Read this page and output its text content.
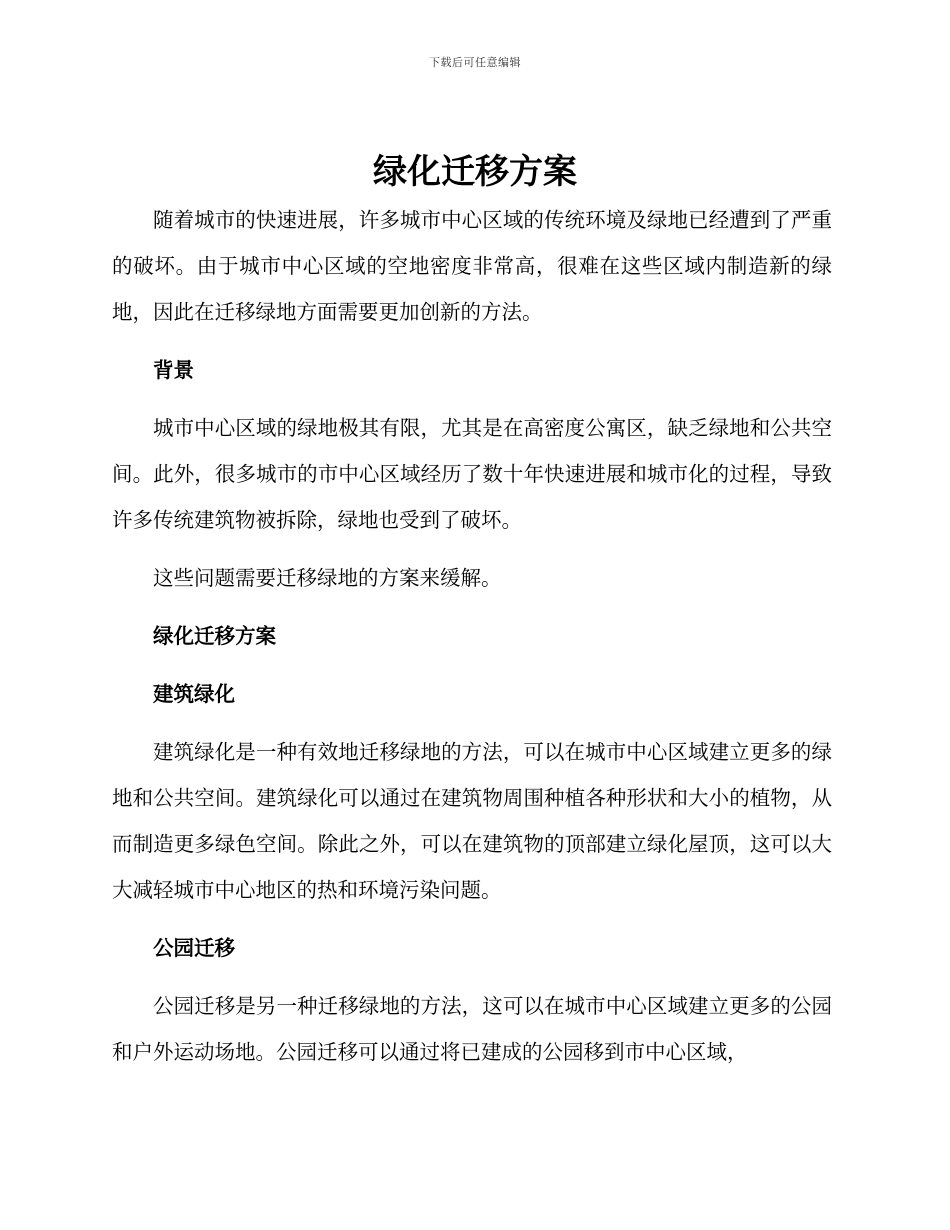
下载后可任意编辑
绿化迁移方案

随着城市的快速进展，许多城市中心区域的传统环境及绿地已经遭到了严重的破坏。由于城市中心区域的空地密度非常高，很难在这些区域内制造新的绿地，因此在迁移绿地方面需要更加创新的方法。

背景

城市中心区域的绿地极其有限，尤其是在高密度公寓区，缺乏绿地和公共空间。此外，很多城市的市中心区域经历了数十年快速进展和城市化的过程，导致许多传统建筑物被拆除，绿地也受到了破坏。

这些问题需要迁移绿地的方案来缓解。

绿化迁移方案

建筑绿化

建筑绿化是一种有效地迁移绿地的方法，可以在城市中心区域建立更多的绿地和公共空间。建筑绿化可以通过在建筑物周围种植各种形状和大小的植物，从而制造更多绿色空间。除此之外，可以在建筑物的顶部建立绿化屋顶，这可以大大减轻城市中心地区的热和环境污染问题。

公园迁移

公园迁移是另一种迁移绿地的方法，这可以在城市中心区域建立更多的公园和户外运动场地。公园迁移可以通过将已建成的公园移到市中心区域，
